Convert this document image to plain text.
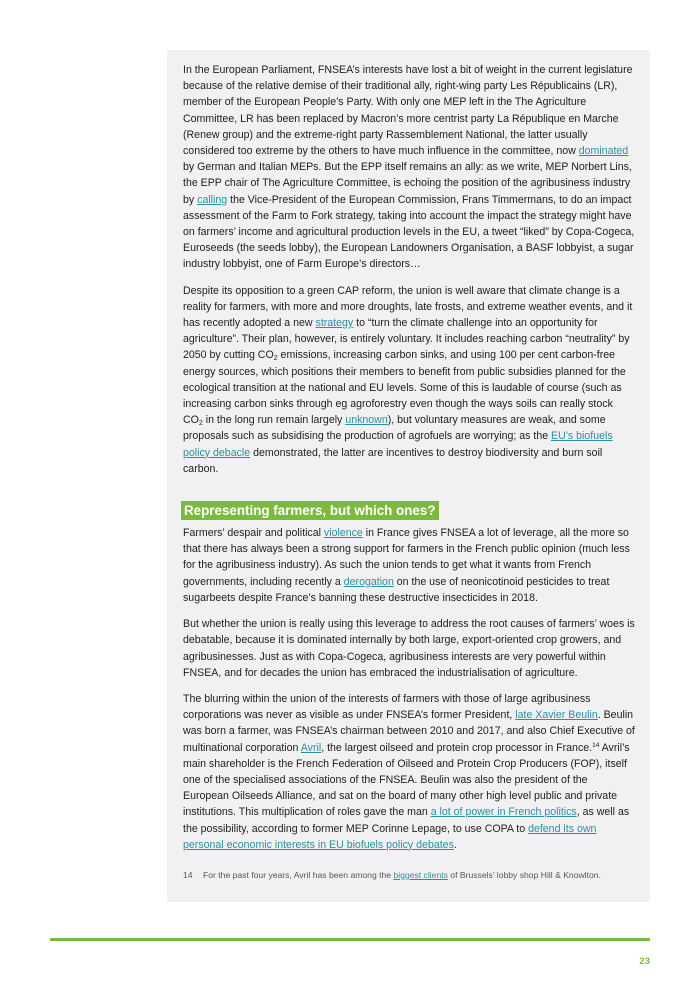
In the European Parliament, FNSEA’s interests have lost a bit of weight in the current legislature because of the relative demise of their traditional ally, right-wing party Les Républicains (LR), member of the European People’s Party. With only one MEP left in the The Agriculture Committee, LR has been replaced by Macron’s more centrist party La République en Marche (Renew group) and the extreme-right party Rassemblement National, the latter usually considered too extreme by the others to have much influence in the committee, now dominated by German and Italian MEPs. But the EPP itself remains an ally: as we write, MEP Norbert Lins, the EPP chair of The Agriculture Committee, is echoing the position of the agribusiness industry by calling the Vice-President of the European Commission, Frans Timmermans, to do an impact assessment of the Farm to Fork strategy, taking into account the impact the strategy might have on farmers’ income and agricultural production levels in the EU, a tweet “liked” by Copa-Cogeca, Euroseeds (the seeds lobby), the European Landowners Organisation, a BASF lobbyist, a sugar industry lobbyist, one of Farm Europe’s directors…

Despite its opposition to a green CAP reform, the union is well aware that climate change is a reality for farmers, with more and more droughts, late frosts, and extreme weather events, and it has recently adopted a new strategy to “turn the climate challenge into an opportunity for agriculture”. Their plan, however, is entirely voluntary. It includes reaching carbon “neutrality” by 2050 by cutting $CO_2$ emissions, increasing carbon sinks, and using 100 per cent carbon-free energy sources, which positions their members to benefit from public subsidies planned for the ecological transition at the national and EU levels. Some of this is laudable of course (such as increasing carbon sinks through eg agroforestry even though the ways soils can really stock $CO_2$ in the long run remain largely unknown), but voluntary measures are weak, and some proposals such as subsidising the production of agrofuels are worrying; as the EU’s biofuels policy debacle demonstrated, the latter are incentives to destroy biodiversity and burn soil carbon.

Representing farmers, but which ones?

Farmers’ despair and political violence in France gives FNSEA a lot of leverage, all the more so that there has always been a strong support for farmers in the French public opinion (much less for the agribusiness industry). As such the union tends to get what it wants from French governments, including recently a derogation on the use of neonicotinoid pesticides to treat sugarbeets despite France’s banning these destructive insecticides in 2018.

But whether the union is really using this leverage to address the root causes of farmers’ woes is debatable, because it is dominated internally by both large, export-oriented crop growers, and agribusinesses. Just as with Copa-Cogeca, agribusiness interests are very powerful within FNSEA, and for decades the union has embraced the industrialisation of agriculture.

The blurring within the union of the interests of farmers with those of large agribusiness corporations was never as visible as under FNSEA’s former President, late Xavier Beulin. Beulin was born a farmer, was FNSEA’s chairman between 2010 and 2017, and also Chief Executive of multinational corporation Avril, the largest oilseed and protein crop processor in France.$^{14}$ Avril’s main shareholder is the French Federation of Oilseed and Protein Crop Producers (FOP), itself one of the specialised associations of the FNSEA. Beulin was also the president of the European Oilseeds Alliance, and sat on the board of many other high level public and private institutions. This multiplication of roles gave the man a lot of power in French politics, as well as the possibility, according to former MEP Corinne Lepage, to use COPA to defend its own personal economic interests in EU biofuels policy debates.

14 For the past four years, Avril has been among the biggest clients of Brussels’ lobby shop Hill & Knowlton.
23
